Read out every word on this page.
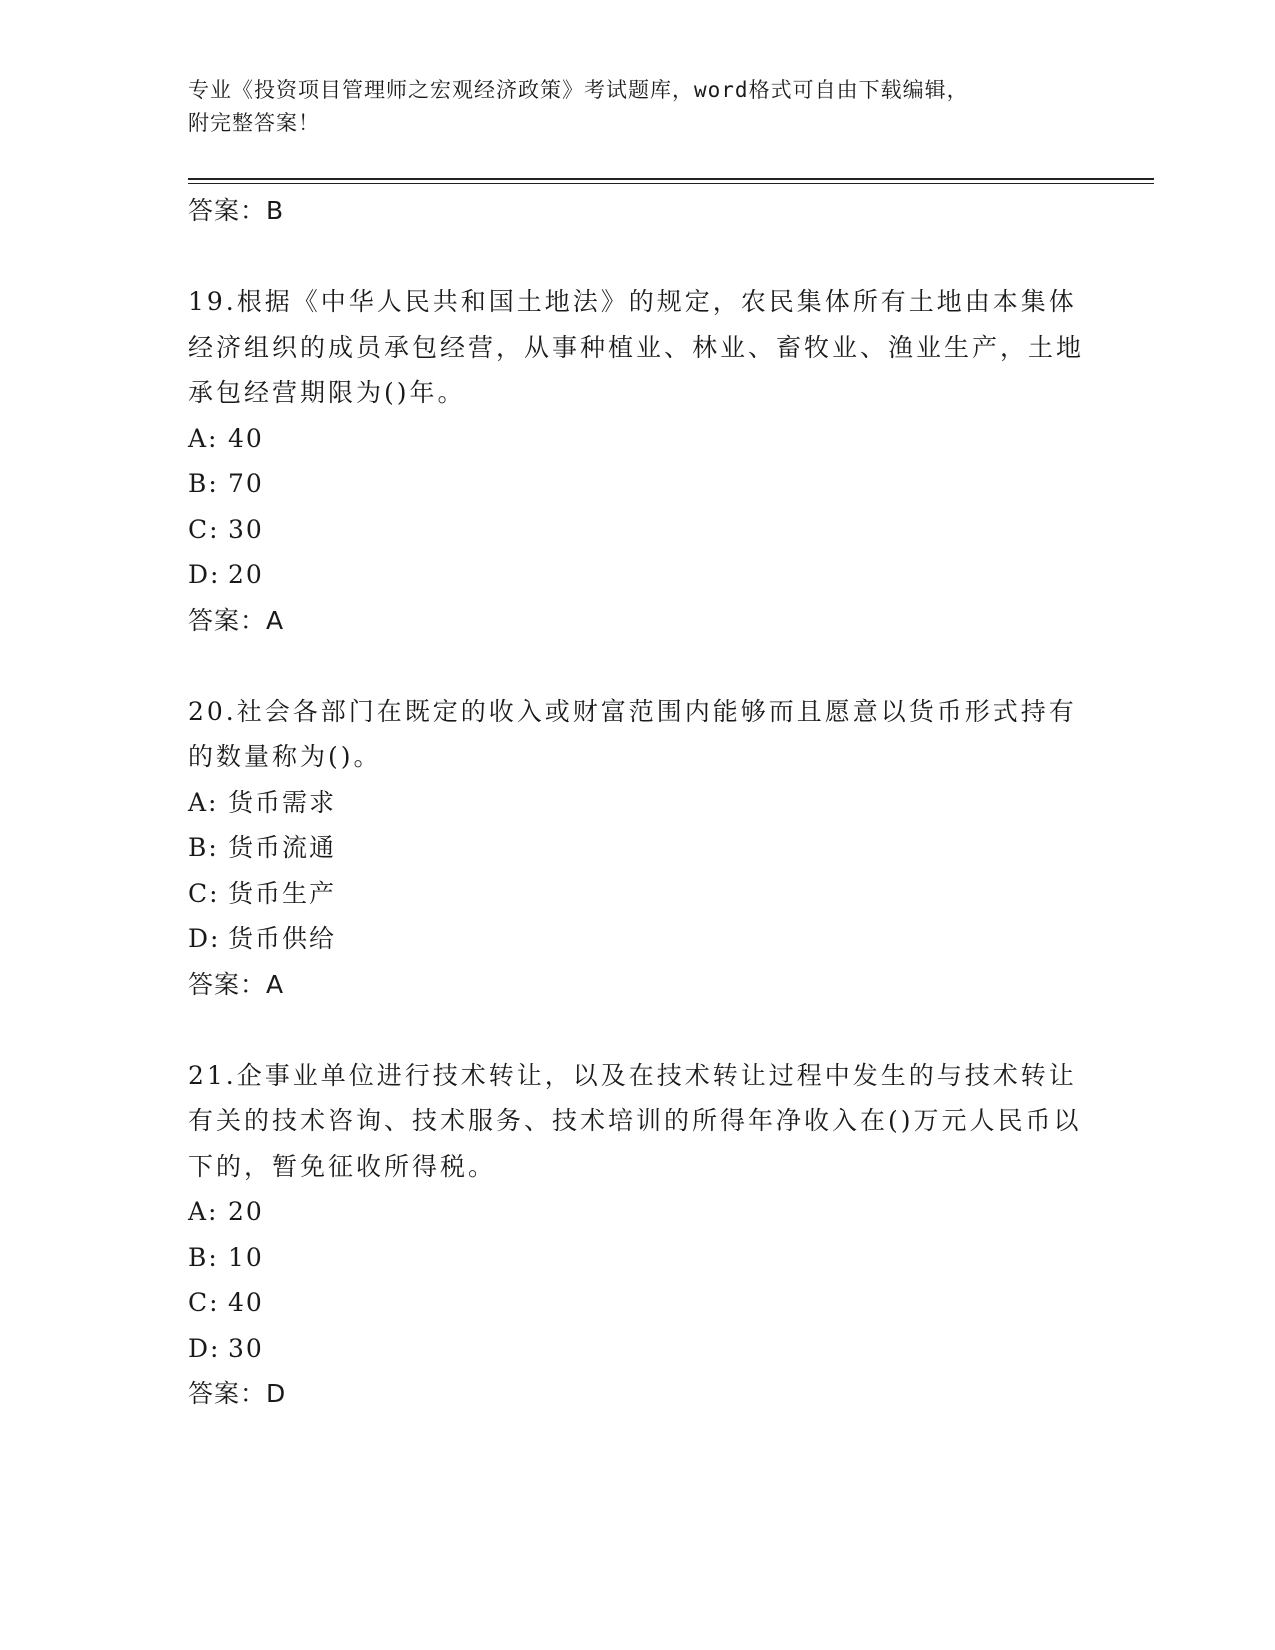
专业《投资项目管理师之宏观经济政策》考试题库，word格式可自由下载编辑，
附完整答案！
答案：B
19.根据《中华人民共和国土地法》的规定，农民集体所有土地由本集体经济组织的成员承包经营，从事种植业、林业、畜牧业、渔业生产，土地承包经营期限为()年。
A: 40
B: 70
C: 30
D: 20
答案：A
20.社会各部门在既定的收入或财富范围内能够而且愿意以货币形式持有的数量称为()。
A: 货币需求
B: 货币流通
C: 货币生产
D: 货币供给
答案：A
21.企事业单位进行技术转让，以及在技术转让过程中发生的与技术转让有关的技术咨询、技术服务、技术培训的所得年净收入在()万元人民币以下的，暂免征收所得税。
A: 20
B: 10
C: 40
D: 30
答案：D
